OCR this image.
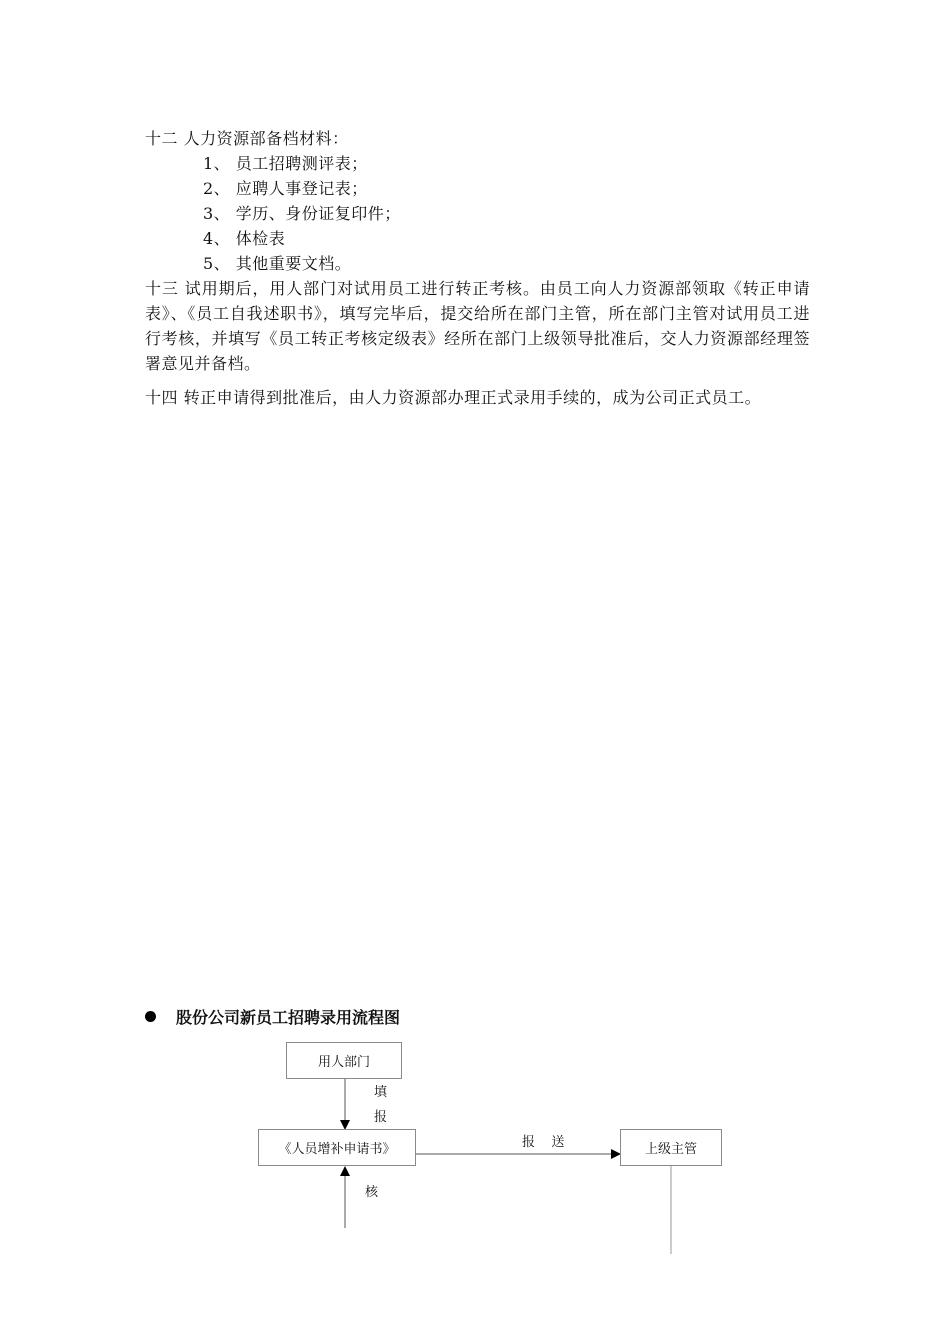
十二 人力资源部备档材料：
1、 员工招聘测评表；
2、 应聘人事登记表；
3、 学历、身份证复印件；
4、 体检表
5、 其他重要文档。
十三 试用期后，用人部门对试用员工进行转正考核。由员工向人力资源部领取《转正申请表》、《员工自我述职书》，填写完毕后，提交给所在部门主管，所在部门主管对试用员工进行考核，并填写《员工转正考核定级表》经所在部门上级领导批准后，交人力资源部经理签署意见并备档。
十四 转正申请得到批准后，由人力资源部办理正式录用手续的，成为公司正式员工。
股份公司新员工招聘录用流程图
用人部门
《人员增补申请书》	上级主管
填
报
报    送
核
